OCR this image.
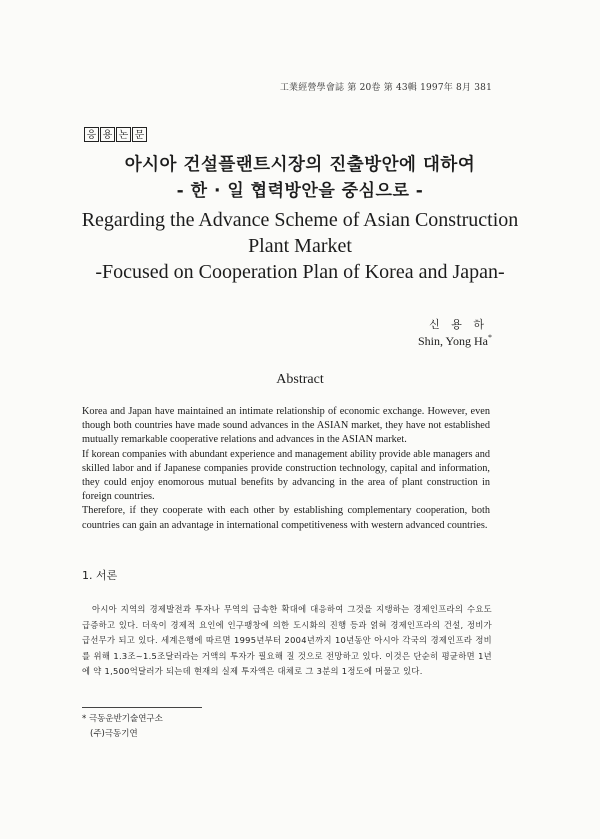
工業經營學會誌 第 20卷 第 43輯 1997年 8月 381
응 용 논 문

아시아 건설플랜트시장의 진출방안에 대하여

- 한 · 일 협력방안을 중심으로 -

Regarding the Advance Scheme of Asian Construction

Plant Market

-Focused on Cooperation Plan of Korea and Japan-

신 용 하
Shin, Yong Ha*
Abstract

Korea and Japan have maintained an intimate relationship of economic exchange. However, even though both countries have made sound advances in the ASIAN market, they have not established mutually remarkable cooperative relations and advances in the ASIAN market.

If korean companies with abundant experience and management ability provide able managers and skilled labor and if Japanese companies provide construction technology, capital and information, they could enjoy enomorous mutual benefits by advancing in the area of plant construction in foreign countries.

Therefore, if they cooperate with each other by establishing complementary cooperation, both countries can gain an advantage in international competitiveness with western advanced countries.

1. 서론

아시아 지역의 경제발전과 투자나 무역의 급속한 확대에 대응하여 그것을 지탱하는 경제인프라의 수요도 급증하고 있다. 더욱이 경제적 요인에 인구팽창에 의한 도시화의 진행 등과 얽혀 경제인프라의 건설, 정비가 급선무가 되고 있다. 세계은행에 따르면 1995년부터 2004년까지 10년동안 아시아 각국의 경제인프라 정비를 위해 1.3조~1.5조달러라는 거액의 투자가 필요해 질 것으로 전망하고 있다. 이것은 단순히 평균하면 1년에 약 1,500억달러가 되는데 현재의 실제 투자액은 대체로 그 3분의 1정도에 머물고 있다.

* 극동운반기술연구소
(주)극동기연
